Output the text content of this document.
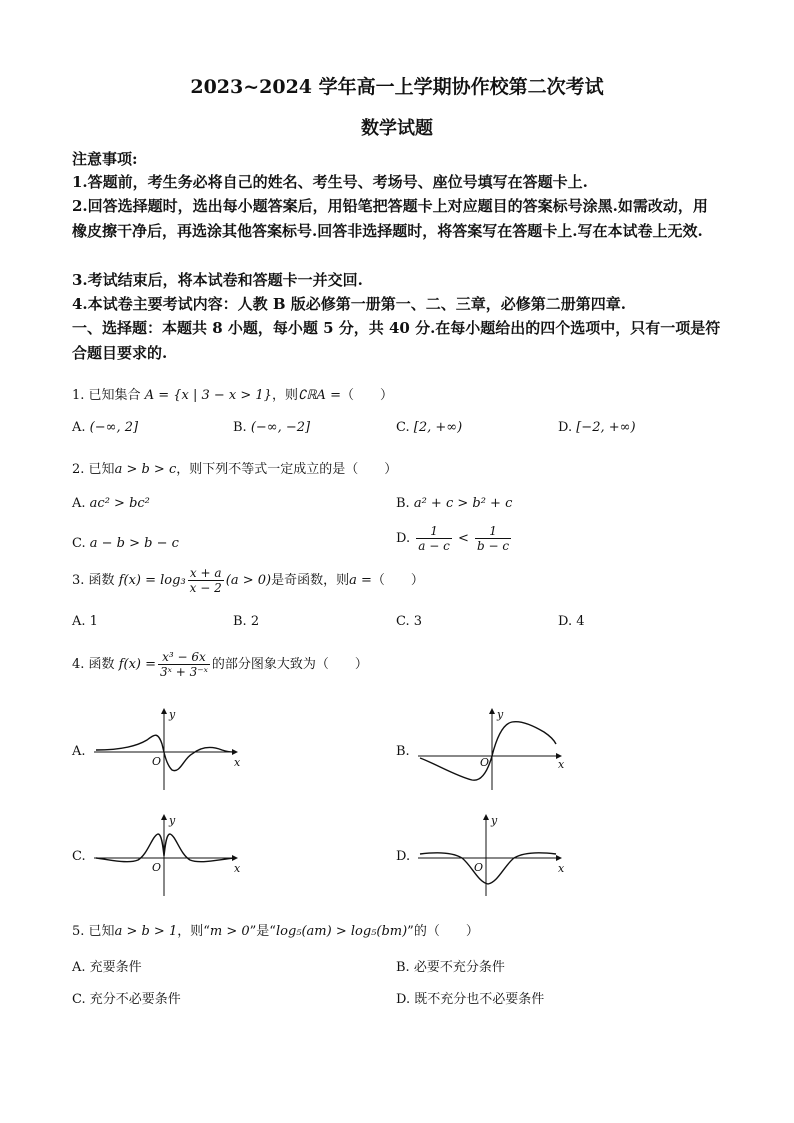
2023~2024 学年高一上学期协作校第二次考试
数学试题
注意事项:
1.答题前，考生务必将自己的姓名、考生号、考场号、座位号填写在答题卡上.
2.回答选择题时，选出每小题答案后，用铅笔把答题卡上对应题目的答案标号涂黑.如需改动，用橡皮擦干净后，再选涂其他答案标号.回答非选择题时，将答案写在答题卡上.写在本试卷上无效.
3.考试结束后，将本试卷和答题卡一并交回.
4.本试卷主要考试内容：人教 B 版必修第一册第一、二、三章，必修第二册第四章.
一、选择题：本题共 8 小题，每小题 5 分，共 40 分.在每小题给出的四个选项中，只有一项是符合题目要求的.
1. 已知集合 A = {x | 3 − x > 1}，则∁ℝA =（　　）
A. (−∞, 2]	B. (−∞, −2]	C. [2, +∞)	D. [−2, +∞)
2. 已知a > b > c，则下列不等式一定成立的是（　　）
A. ac² > bc²	B. a² + c > b² + c
C. a − b > b − c	D. $\frac{1}{a - c} < \frac{1}{b - c}$
3. 函数 $f(x) = \log_3 \frac{x + a}{x - 2} (a > 0)$是奇函数，则a =（　　）
A. 1	B. 2	C. 3	D. 4
4. 函数 $f(x) = \frac{\text{x³ − 6x}}{\text{3ˣ + 3⁻ˣ}}$ 的部分图象大致为（　　）
A.	B.
C.	D.
y
x
O
y
x
O
y
x
O
y
x
O
5. 已知a > b > 1，则“m > 0”是“log₅(am) > log₅(bm)”的（　　）
A. 充要条件	B. 必要不充分条件
C. 充分不必要条件	D. 既不充分也不必要条件
